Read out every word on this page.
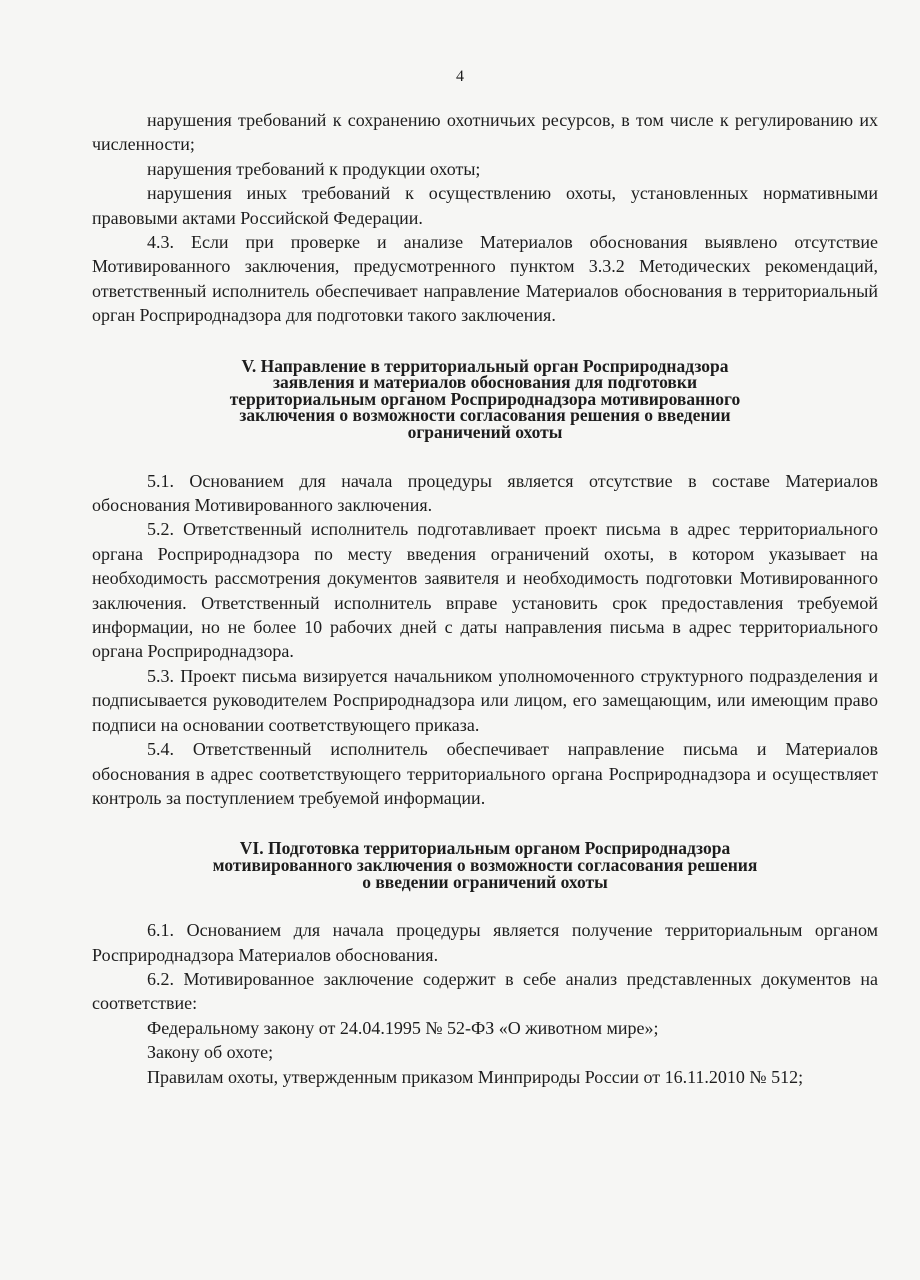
4

нарушения требований к сохранению охотничьих ресурсов, в том числе к регулированию их численности;

нарушения требований к продукции охоты;

нарушения иных требований к осуществлению охоты, установленных нормативными правовыми актами Российской Федерации.

4.3. Если при проверке и анализе Материалов обоснования выявлено отсутствие Мотивированного заключения, предусмотренного пунктом 3.3.2 Методических рекомендаций, ответственный исполнитель обеспечивает направление Материалов обоснования в территориальный орган Росприроднадзора для подготовки такого заключения.

V. Направление в территориальный орган Росприроднадзора
заявления и материалов обоснования для подготовки
территориальным органом Росприроднадзора мотивированного
заключения о возможности согласования решения о введении
ограничений охоты

5.1. Основанием для начала процедуры является отсутствие в составе Материалов обоснования Мотивированного заключения.

5.2. Ответственный исполнитель подготавливает проект письма в адрес территориального органа Росприроднадзора по месту введения ограничений охоты, в котором указывает на необходимость рассмотрения документов заявителя и необходимость подготовки Мотивированного заключения. Ответственный исполнитель вправе установить срок предоставления требуемой информации, но не более 10 рабочих дней с даты направления письма в адрес территориального органа Росприроднадзора.

5.3. Проект письма визируется начальником уполномоченного структурного подразделения и подписывается руководителем Росприроднадзора или лицом, его замещающим, или имеющим право подписи на основании соответствующего приказа.

5.4. Ответственный исполнитель обеспечивает направление письма и Материалов обоснования в адрес соответствующего территориального органа Росприроднадзора и осуществляет контроль за поступлением требуемой информации.

VI. Подготовка территориальным органом Росприроднадзора
мотивированного заключения о возможности согласования решения
о введении ограничений охоты

6.1. Основанием для начала процедуры является получение территориальным органом Росприроднадзора Материалов обоснования.

6.2. Мотивированное заключение содержит в себе анализ представленных документов на соответствие:

Федеральному закону от 24.04.1995 № 52-ФЗ «О животном мире»;

Закону об охоте;

Правилам охоты, утвержденным приказом Минприроды России от 16.11.2010 № 512;
